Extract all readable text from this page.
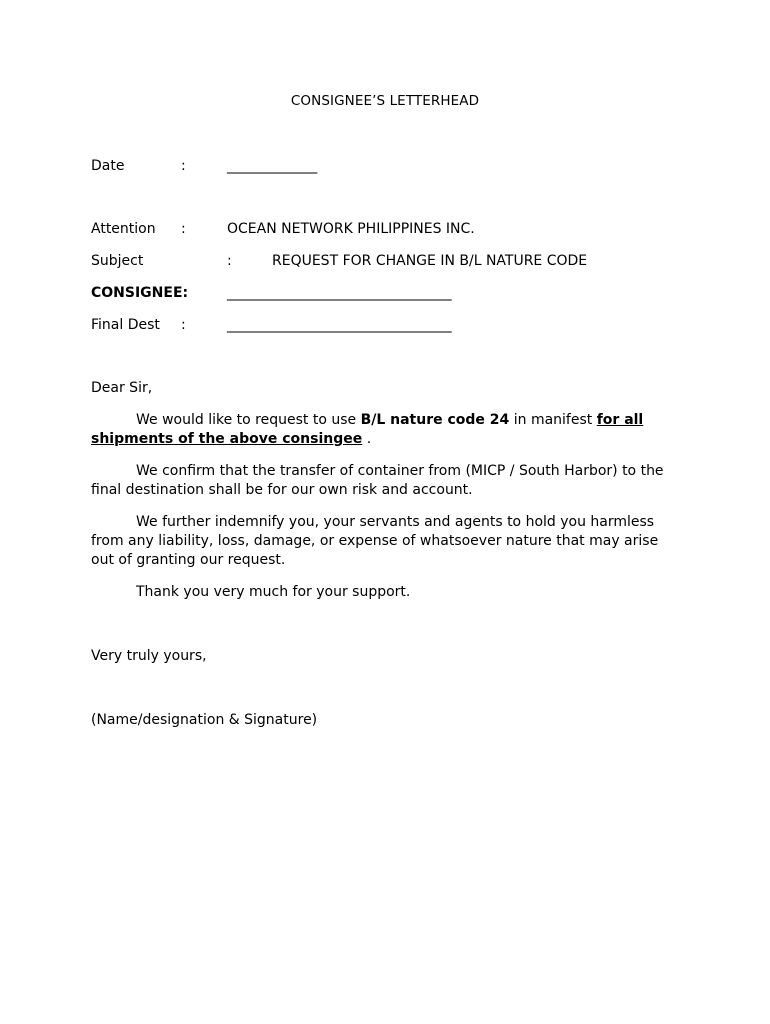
CONSIGNEE’S LETTERHEAD
Date	:	______________
Attention :	OCEAN NETWORK PHILIPPINES INC.
Subject	:	REQUEST FOR CHANGE IN B/L NATURE CODE
CONSIGNEE:	___________________________________
Final Dest :	___________________________________
Dear Sir,
We would like to request to use B/L nature code 24 in manifest for all shipments of the above consingee .
We confirm that the transfer of container from (MICP / South Harbor) to the final destination shall be for our own risk and account.
We further indemnify you, your servants and agents to hold you harmless from any liability, loss, damage, or expense of whatsoever nature that may arise out of granting our request.
Thank you very much for your support.
Very truly yours,
(Name/designation & Signature)
